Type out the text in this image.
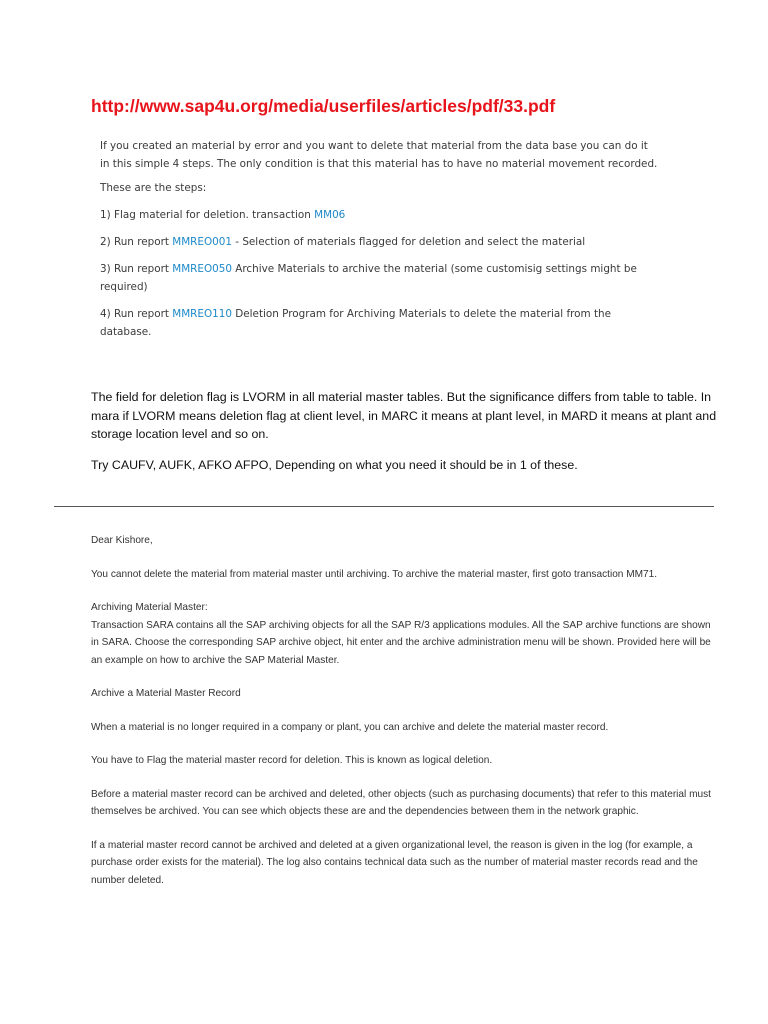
http://www.sap4u.org/media/userfiles/articles/pdf/33.pdf

If you created an material by error and you want to delete that material from the data base you can do it in this simple 4 steps. The only condition is that this material has to have no material movement recorded.

These are the steps:

1) Flag material for deletion. transaction MM06

2) Run report MMREO001 - Selection of materials flagged for deletion and select the material

3) Run report MMREO050 Archive Materials to archive the material (some customisig settings might be required)

4) Run report MMREO110 Deletion Program for Archiving Materials to delete the material from the database.

The field for deletion flag is LVORM in all material master tables. But the significance differs from table to table. In mara if LVORM means deletion flag at client level, in MARC it means at plant level, in MARD it means at plant and storage location level and so on.

Try CAUFV, AUFK, AFKO AFPO, Depending on what you need it should be in 1 of these.

Dear Kishore,

You cannot delete the material from material master until archiving. To archive the material master, first goto transaction MM71.

Archiving Material Master:
Transaction SARA contains all the SAP archiving objects for all the SAP R/3 applications modules. All the SAP archive functions are shown in SARA. Choose the corresponding SAP archive object, hit enter and the archive administration menu will be shown. Provided here will be an example on how to archive the SAP Material Master.

Archive a Material Master Record

When a material is no longer required in a company or plant, you can archive and delete the material master record.

You have to Flag the material master record for deletion. This is known as logical deletion.

Before a material master record can be archived and deleted, other objects (such as purchasing documents) that refer to this material must themselves be archived. You can see which objects these are and the dependencies between them in the network graphic.

If a material master record cannot be archived and deleted at a given organizational level, the reason is given in the log (for example, a purchase order exists for the material). The log also contains technical data such as the number of material master records read and the number deleted.
